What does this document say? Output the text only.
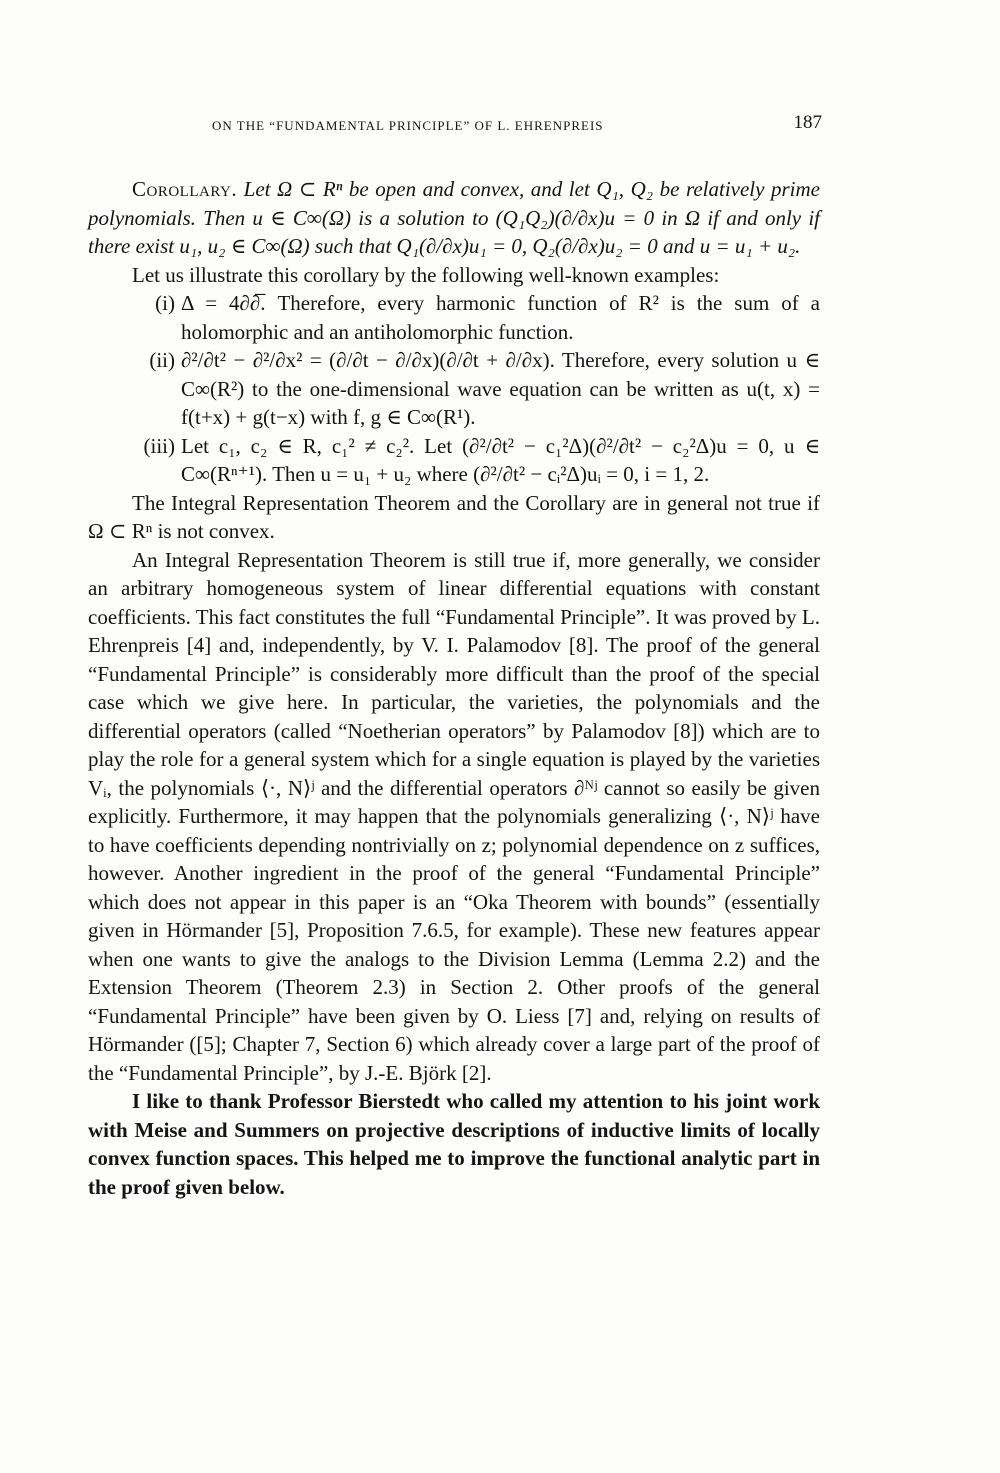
ON THE “FUNDAMENTAL PRINCIPLE” OF L. EHRENPREIS	187

Corollary. Let Ω ⊂ Rⁿ be open and convex, and let Q₁, Q₂ be relatively prime polynomials. Then u ∈ C∞(Ω) is a solution to (Q₁Q₂)(∂/∂x)u = 0 in Ω if and only if there exist u₁, u₂ ∈ C∞(Ω) such that Q₁(∂/∂x)u₁ = 0, Q₂(∂/∂x)u₂ = 0 and u = u₁ + u₂.

Let us illustrate this corollary by the following well-known examples:

(i) Δ = 4∂∂̅. Therefore, every harmonic function of R² is the sum of a holomorphic and an antiholomorphic function.
(ii) ∂²/∂t² − ∂²/∂x² = (∂/∂t − ∂/∂x)(∂/∂t + ∂/∂x). Therefore, every solution u ∈ C∞(R²) to the one-dimensional wave equation can be written as u(t, x) = f(t+x) + g(t−x) with f, g ∈ C∞(R¹).
(iii) Let c₁, c₂ ∈ R, c₁² ≠ c₂². Let (∂²/∂t² − c₁²Δ)(∂²/∂t² − c₂²Δ)u = 0, u ∈ C∞(Rⁿ⁺¹). Then u = u₁ + u₂ where (∂²/∂t² − cᵢ²Δ)uᵢ = 0, i = 1, 2.

The Integral Representation Theorem and the Corollary are in general not true if Ω ⊂ Rⁿ is not convex.

An Integral Representation Theorem is still true if, more generally, we consider an arbitrary homogeneous system of linear differential equations with constant coefficients. This fact constitutes the full “Fundamental Principle”. It was proved by L. Ehrenpreis [4] and, independently, by V. I. Palamodov [8]. The proof of the general “Fundamental Principle” is considerably more difficult than the proof of the special case which we give here. In particular, the varieties, the polynomials and the differential operators (called “Noetherian operators” by Palamodov [8]) which are to play the role for a general system which for a single equation is played by the varieties Vᵢ, the polynomials ⟨·, N⟩ʲ and the differential operators ∂ᴺʲ cannot so easily be given explicitly. Furthermore, it may happen that the polynomials generalizing ⟨·, N⟩ʲ have to have coefficients depending nontrivially on z; polynomial dependence on z suffices, however. Another ingredient in the proof of the general “Fundamental Principle” which does not appear in this paper is an “Oka Theorem with bounds” (essentially given in Hörmander [5], Proposition 7.6.5, for example). These new features appear when one wants to give the analogs to the Division Lemma (Lemma 2.2) and the Extension Theorem (Theorem 2.3) in Section 2. Other proofs of the general “Fundamental Principle” have been given by O. Liess [7] and, relying on results of Hörmander ([5]; Chapter 7, Section 6) which already cover a large part of the proof of the “Fundamental Principle”, by J.-E. Björk [2].

I like to thank Professor Bierstedt who called my attention to his joint work with Meise and Summers on projective descriptions of inductive limits of locally convex function spaces. This helped me to improve the functional analytic part in the proof given below.
